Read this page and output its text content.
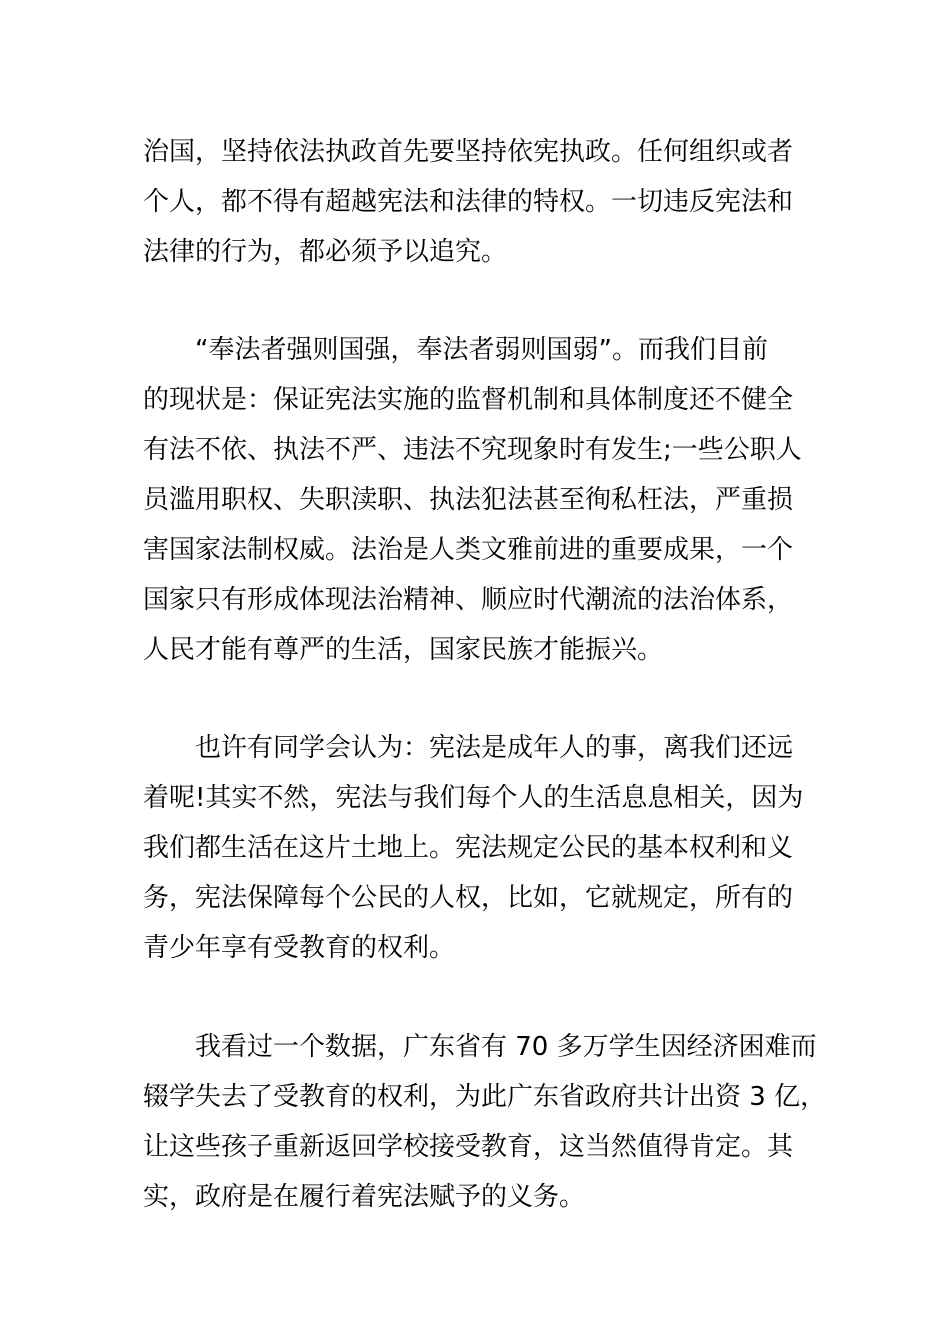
治国，坚持依法执政首先要坚持依宪执政。任何组织或者
个人，都不得有超越宪法和法律的特权。一切违反宪法和
法律的行为，都必须予以追究。
“奉法者强则国强，奉法者弱则国弱”。而我们目前
的现状是：保证宪法实施的监督机制和具体制度还不健全
有法不依、执法不严、违法不究现象时有发生;一些公职人
员滥用职权、失职渎职、执法犯法甚至徇私枉法，严重损
害国家法制权威。法治是人类文雅前进的重要成果，一个
国家只有形成体现法治精神、顺应时代潮流的法治体系，
人民才能有尊严的生活，国家民族才能振兴。
也许有同学会认为：宪法是成年人的事，离我们还远
着呢!其实不然，宪法与我们每个人的生活息息相关，因为
我们都生活在这片土地上。宪法规定公民的基本权利和义
务，宪法保障每个公民的人权，比如，它就规定，所有的
青少年享有受教育的权利。
我看过一个数据，广东省有 70 多万学生因经济困难而
辍学失去了受教育的权利，为此广东省政府共计出资 3 亿，
让这些孩子重新返回学校接受教育，这当然值得肯定。其
实，政府是在履行着宪法赋予的义务。
